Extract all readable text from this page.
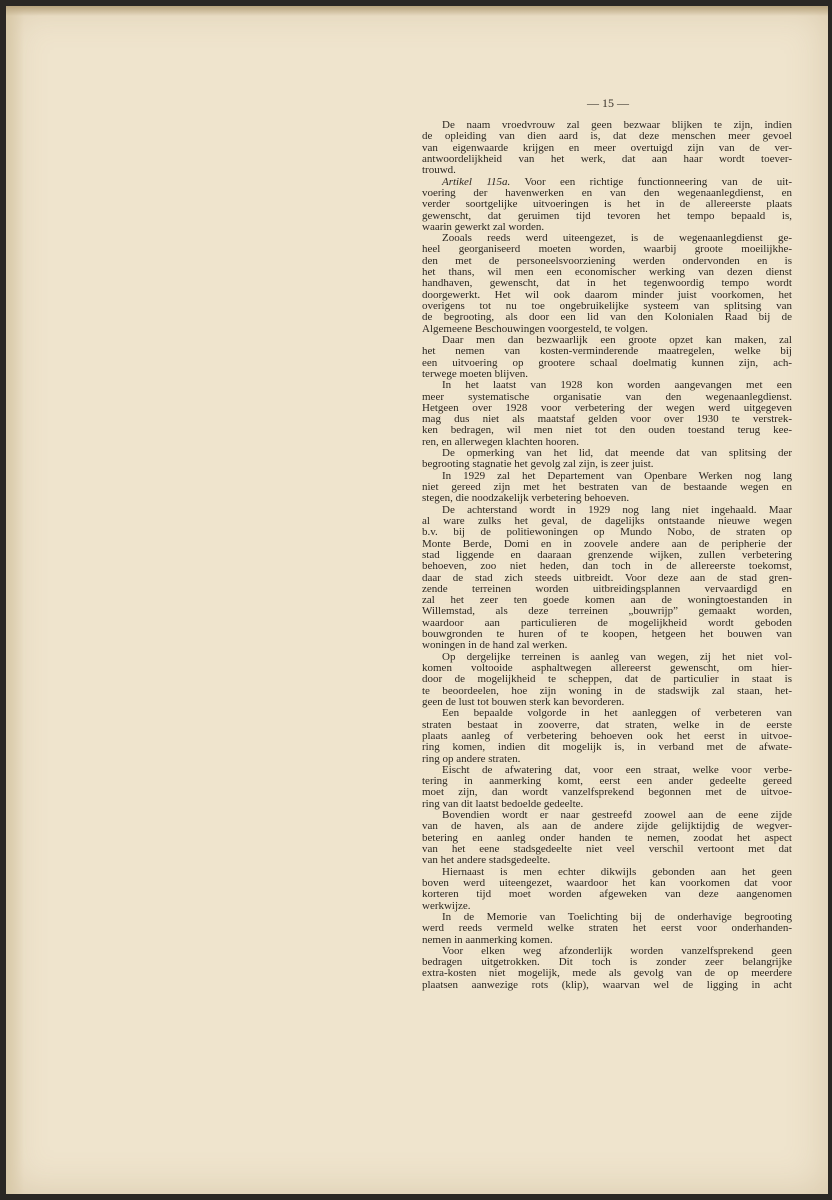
— 15 —
De naam vroedvrouw zal geen bezwaar blijken te zijn, indien
de opleiding van dien aard is, dat deze menschen meer gevoel
van eigenwaarde krijgen en meer overtuigd zijn van de ver-
antwoordelijkheid van het werk, dat aan haar wordt toever-
trouwd.
Artikel 115a. Voor een richtige functionneering van de uit-
voering der havenwerken en van den wegenaanlegdienst, en
verder soortgelijke uitvoeringen is het in de allereerste plaats
gewenscht, dat geruimen tijd tevoren het tempo bepaald is,
waarin gewerkt zal worden.
Zooals reeds werd uiteengezet, is de wegenaanlegdienst ge-
heel georganiseerd moeten worden, waarbij groote moeilijkhe-
den met de personeelsvoorziening werden ondervonden en is
het thans, wil men een economischer werking van dezen dienst
handhaven, gewenscht, dat in het tegenwoordig tempo wordt
doorgewerkt. Het wil ook daarom minder juist voorkomen, het
overigens tot nu toe ongebruikelijke systeem van splitsing van
de begrooting, als door een lid van den Kolonialen Raad bij de
Algemeene Beschouwingen voorgesteld, te volgen.
Daar men dan bezwaarlijk een groote opzet kan maken, zal
het nemen van kosten-verminderende maatregelen, welke bij
een uitvoering op grootere schaal doelmatig kunnen zijn, ach-
terwege moeten blijven.
In het laatst van 1928 kon worden aangevangen met een
meer systematische organisatie van den wegenaanlegdienst.
Hetgeen over 1928 voor verbetering der wegen werd uitgegeven
mag dus niet als maatstaf gelden voor over 1930 te verstrek-
ken bedragen, wil men niet tot den ouden toestand terug kee-
ren, en allerwegen klachten hooren.
De opmerking van het lid, dat meende dat van splitsing der
begrooting stagnatie het gevolg zal zijn, is zeer juist.
In 1929 zal het Departement van Openbare Werken nog lang
niet gereed zijn met het bestraten van de bestaande wegen en
stegen, die noodzakelijk verbetering behoeven.
De achterstand wordt in 1929 nog lang niet ingehaald. Maar
al ware zulks het geval, de dagelijks ontstaande nieuwe wegen
b.v. bij de politiewoningen op Mundo Nobo, de straten op
Monte Berde, Domi en in zoovele andere aan de peripherie der
stad liggende en daaraan grenzende wijken, zullen verbetering
behoeven, zoo niet heden, dan toch in de allereerste toekomst,
daar de stad zich steeds uitbreidt. Voor deze aan de stad gren-
zende terreinen worden uitbreidingsplannen vervaardigd en
zal het zeer ten goede komen aan de woningtoestanden in
Willemstad, als deze terreinen „bouwrijp” gemaakt worden,
waardoor aan particulieren de mogelijkheid wordt geboden
bouwgronden te huren of te koopen, hetgeen het bouwen van
woningen in de hand zal werken.
Op dergelijke terreinen is aanleg van wegen, zij het niet vol-
komen voltooide asphaltwegen allereerst gewenscht, om hier-
door de mogelijkheid te scheppen, dat de particulier in staat is
te beoordeelen, hoe zijn woning in de stadswijk zal staan, het-
geen de lust tot bouwen sterk kan bevorderen.
Een bepaalde volgorde in het aanleggen of verbeteren van
straten bestaat in zooverre, dat straten, welke in de eerste
plaats aanleg of verbetering behoeven ook het eerst in uitvoe-
ring komen, indien dit mogelijk is, in verband met de afwate-
ring op andere straten.
Eischt de afwatering dat, voor een straat, welke voor verbe-
tering in aanmerking komt, eerst een ander gedeelte gereed
moet zijn, dan wordt vanzelfsprekend begonnen met de uitvoe-
ring van dit laatst bedoelde gedeelte.
Bovendien wordt er naar gestreefd zoowel aan de eene zijde
van de haven, als aan de andere zijde gelijktijdig de wegver-
betering en aanleg onder handen te nemen, zoodat het aspect
van het eene stadsgedeelte niet veel verschil vertoont met dat
van het andere stadsgedeelte.
Hiernaast is men echter dikwijls gebonden aan het geen
boven werd uiteengezet, waardoor het kan voorkomen dat voor
korteren tijd moet worden afgeweken van deze aangenomen
werkwijze.
In de Memorie van Toelichting bij de onderhavige begrooting
werd reeds vermeld welke straten het eerst voor onderhanden-
nemen in aanmerking komen.
Voor elken weg afzonderlijk worden vanzelfsprekend geen
bedragen uitgetrokken. Dit toch is zonder zeer belangrijke
extra-kosten niet mogelijk, mede als gevolg van de op meerdere
plaatsen aanwezige rots (klip), waarvan wel de ligging in acht
